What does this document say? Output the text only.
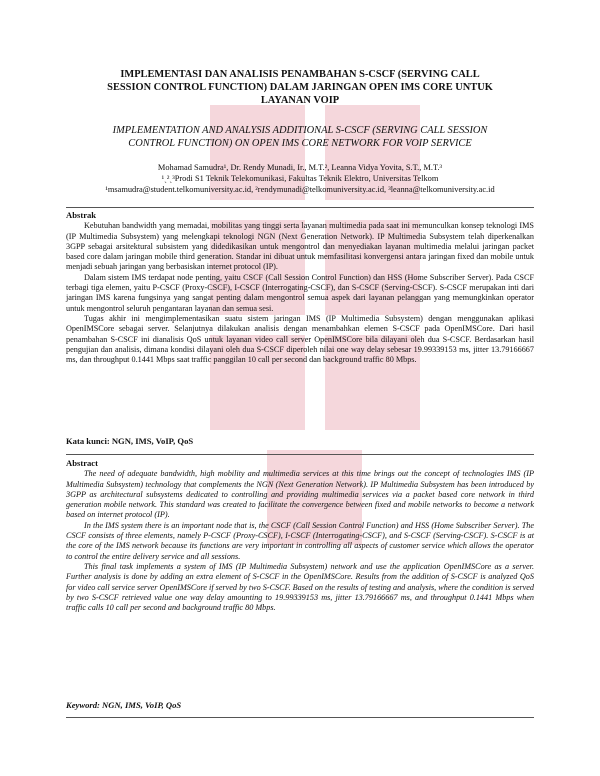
IMPLEMENTASI DAN ANALISIS PENAMBAHAN S-CSCF (SERVING CALL
SESSION CONTROL FUNCTION) DALAM JARINGAN OPEN IMS CORE UNTUK
LAYANAN VOIP
IMPLEMENTATION AND ANALYSIS ADDITIONAL S-CSCF (SERVING CALL SESSION
CONTROL FUNCTION) ON OPEN IMS CORE NETWORK FOR VOIP SERVICE
Mohamad Samudra¹, Dr. Rendy Munadi, Ir., M.T.², Leanna Vidya Yovita, S.T., M.T.³
¹ˎ²ˎ³Prodi S1 Teknik Telekomunikasi, Fakultas Teknik Elektro, Universitas Telkom
¹msamudra@student.telkomuniversity.ac.id, ²rendymunadi@telkomuniversity.ac.id, ³leanna@telkomuniversity.ac.id
Abstrak

Kebutuhan bandwidth yang memadai, mobilitas yang tinggi serta layanan multimedia pada saat ini memunculkan konsep teknologi IMS (IP Multimedia Subsystem) yang melengkapi teknologi NGN (Next Generation Network). IP Multimedia Subsystem telah diperkenalkan 3GPP sebagai arsitektural subsistem yang didedikasikan untuk mengontrol dan menyediakan layanan multimedia melalui jaringan packet based core dalam jaringan mobile third generation. Standar ini dibuat untuk memfasilitasi konvergensi antara jaringan fixed dan mobile untuk menjadi sebuah jaringan yang berbasiskan internet protocol (IP).

Dalam sistem IMS terdapat node penting, yaitu CSCF (Call Session Control Function) dan HSS (Home Subscriber Server). Pada CSCF terbagi tiga elemen, yaitu P-CSCF (Proxy-CSCF), I-CSCF (Interrogating-CSCF), dan S-CSCF (Serving-CSCF). S-CSCF merupakan inti dari jaringan IMS karena fungsinya yang sangat penting dalam mengontrol semua aspek dari layanan pelanggan yang memungkinkan operator untuk mengontrol seluruh pengantaran layanan dan semua sesi.

Tugas akhir ini mengimplementasikan suatu sistem jaringan IMS (IP Multimedia Subsystem) dengan menggunakan aplikasi OpenIMSCore sebagai server. Selanjutnya dilakukan analisis dengan menambahkan elemen S-CSCF pada OpenIMSCore. Dari hasil penambahan S-CSCF ini dianalisis QoS untuk layanan video call server OpenIMSCore bila dilayani oleh dua S-CSCF. Berdasarkan hasil pengujian dan analisis, dimana kondisi dilayani oleh dua S-CSCF diperoleh nilai one way delay sebesar 19.99339153 ms, jitter 13.79166667 ms, dan throughput 0.1441 Mbps saat traffic panggilan 10 call per second dan background traffic 80 Mbps.

Kata kunci: NGN, IMS, VoIP, QoS
Abstract

The need of adequate bandwidth, high mobility and multimedia services at this time brings out the concept of technologies IMS (IP Multimedia Subsystem) technology that complements the NGN (Next Generation Network). IP Multimedia Subsystem has been introduced by 3GPP as architectural subsystems dedicated to controlling and providing multimedia services via a packet based core network in third generation mobile network. This standard was created to facilitate the convergence between fixed and mobile networks to become a network based on internet protocol (IP).

In the IMS system there is an important node that is, the CSCF (Call Session Control Function) and HSS (Home Subscriber Server). The CSCF consists of three elements, namely P-CSCF (Proxy-CSCF), I-CSCF (Interrogating-CSCF), and S-CSCF (Serving-CSCF). S-CSCF is at the core of the IMS network because its functions are very important in controlling all aspects of customer service which allows the operator to control the entire delivery service and all sessions.

This final task implements a system of IMS (IP Multimedia Subsystem) network and use the application OpenIMSCore as a server. Further analysis is done by adding an extra element of S-CSCF in the OpenIMSCore. Results from the addition of S-CSCF is analyzed QoS for video call service server OpenIMSCore if served by two S-CSCF. Based on the results of testing and analysis, where the condition is served by two S-CSCF retrieved value one way delay amounting to 19.99339153 ms, jitter 13.79166667 ms, and throughput 0.1441 Mbps when traffic calls 10 call per second and background traffic 80 Mbps.

Keyword: NGN, IMS, VoIP, QoS
